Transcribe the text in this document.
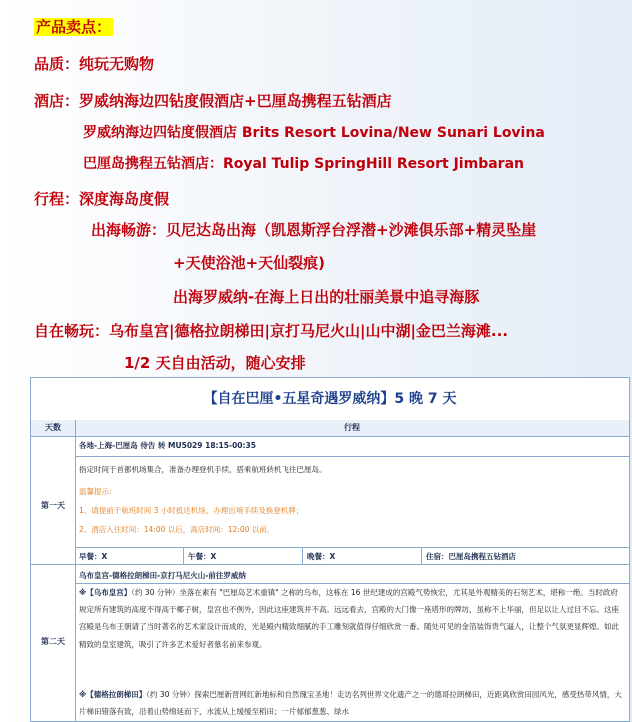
产品卖点：
品质：纯玩无购物
酒店：罗威纳海边四钻度假酒店+巴厘岛携程五钻酒店
罗威纳海边四钻度假酒店 Brits Resort Lovina/New Sunari Lovina
巴厘岛携程五钻酒店：Royal Tulip SpringHill Resort Jimbaran
行程：深度海岛度假
出海畅游：贝尼达岛出海（凯恩斯浮台浮潜+沙滩俱乐部+精灵坠崖
+天使浴池+天仙裂痕)
出海罗威纳-在海上日出的壮丽美景中追寻海豚
自在畅玩：乌布皇宫|德格拉朗梯田|京打马尼火山|山中湖|金巴兰海滩...
1/2 天自由活动，随心安排
【自在巴厘•五星奇遇罗威纳】5 晚 7 天
天数	行程
第一天
各地-上海-巴厘岛 待告 转 MU5029 18:15-00:35
指定时间于首都机场集合，准备办理登机手续，搭乘航班转机飞往巴厘岛。
温馨提示：
1、请提前于航班时间 3 小时抵达机场，办理出境手续及换登机牌；
2、酒店入住时间：14:00 以后，离店时间：12:00 以前。
早餐：X	午餐：X	晚餐：X	住宿：巴厘岛携程五钻酒店
第二天
乌布皇宫-德格拉朗梯田-京打马尼火山-前往罗威纳
※【乌布皇宫】（约 30 分钟）坐落在素有 "巴厘岛艺术重镇" 之称的乌布，这栋在 16 世纪建成的宫殿气势恢宏，尤其是外观精美的石刻艺术，堪称一绝。当时政府规定所有建筑的高度不得高于椰子树，皇宫也不例外，因此这座建筑并不高。远远看去，宫殿的大门像一座塔形的牌坊，虽称不上华丽，但足以让人过目不忘。这座宫殿是乌布王朝请了当时著名的艺术家设计而成的，光是殿内精致细腻的手工雕刻就值得仔细欣赏一番。随处可见的金箔装饰贵气逼人，让整个气氛更显辉煌。如此精致的皇室建筑，吸引了许多艺术爱好者慕名前来参观。
※【德格拉朗梯田】（约 30 分钟）探索巴厘新晋网红新地标和自然瑰宝圣地！走访名列世界文化遗产之一的德哥拉朗梯田，近距离欣赏田园风光，感受热带风情，大片梯田错落有致，沿着山势绵延而下，水流从上缓缓至稻田；一片郁郁葱葱、绿水
